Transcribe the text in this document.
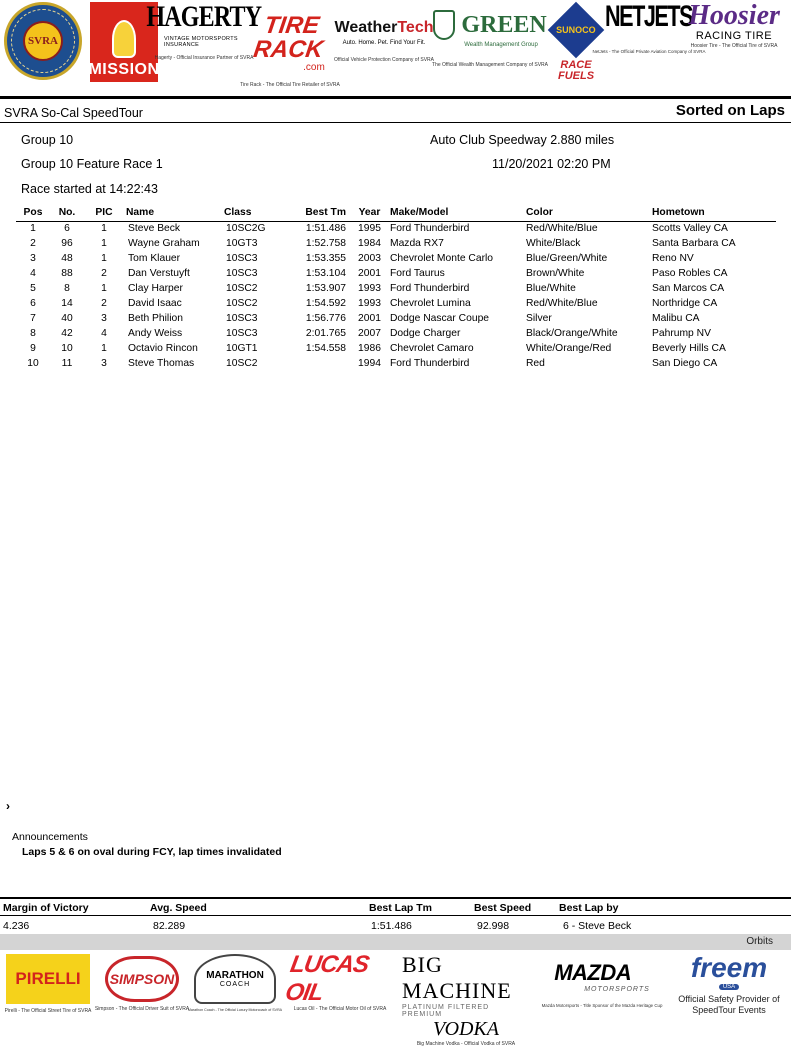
SVRA
MISSION
HAGERTY
VINTAGE MOTORSPORTS INSURANCE
Hagerty - Official Insurance Partner of SVRA
TIRE RACK
.com
Tire Rack - The Official Tire Retailer of SVRA
WeatherTech
Auto. Home. Pet. Find Your Fit.
Official Vehicle Protection Company of SVRA
GREEN
Wealth Management Group
The Official Wealth Management Company of SVRA
SUNOCO
RACE FUELS
NETJETS
NetJets - The Official Private Aviation Company of SVRA
Hoosier
RACING TIRE
Hoosier Tire - The Official Tire of SVRA
SVRA So-Cal SpeedTour	Sorted on Laps
Group 10	Auto Club Speedway 2.880 miles
Group 10 Feature Race 1	11/20/2021 02:20 PM
Race started at 14:22:43
Pos	No.	PIC	Name	Class	Best Tm	Year	Make/Model	Color	Hometown
1	6	1	Steve Beck	10SC2G	1:51.486	1995	Ford Thunderbird	Red/White/Blue	Scotts Valley CA
2	96	1	Wayne Graham	10GT3	1:52.758	1984	Mazda RX7	White/Black	Santa Barbara CA
3	48	1	Tom Klauer	10SC3	1:53.355	2003	Chevrolet Monte Carlo	Blue/Green/White	Reno NV
4	88	2	Dan Verstuyft	10SC3	1:53.104	2001	Ford Taurus	Brown/White	Paso Robles CA
5	8	1	Clay Harper	10SC2	1:53.907	1993	Ford Thunderbird	Blue/White	San Marcos CA
6	14	2	David Isaac	10SC2	1:54.592	1993	Chevrolet Lumina	Red/White/Blue	Northridge CA
7	40	3	Beth Philion	10SC3	1:56.776	2001	Dodge Nascar Coupe	Silver	Malibu CA
8	42	4	Andy Weiss	10SC3	2:01.765	2007	Dodge Charger	Black/Orange/White	Pahrump NV
9	10	1	Octavio Rincon	10GT1	1:54.558	1986	Chevrolet Camaro	White/Orange/Red	Beverly Hills CA
10	11	3	Steve Thomas	10SC2		1994	Ford Thunderbird	Red	San Diego CA
›
Announcements
Laps 5 & 6 on oval during FCY, lap times invalidated
Margin of Victory	Avg. Speed	Best Lap Tm	Best Speed	Best Lap by
4.236	82.289	1:51.486	92.998	6 - Steve Beck
Orbits
PIRELLI
Pirelli - The Official Street Tire of SVRA
SIMPSON
Simpson - The Official Driver Suit of SVRA
MARATHON
COACH
Marathon Coach - The Official Luxury Motorcoach of SVRA
LUCAS OIL
Lucas Oil - The Official Motor Oil of SVRA
BIG MACHINE
PLATINUM FILTERED PREMIUM
VODKA
Big Machine Vodka - Official Vodka of SVRA
MAZDA
MOTORSPORTS
Mazda Motorsports - Title Sponsor of the Mazda Heritage Cup
freem
USA
Official Safety Provider of SpeedTour Events
